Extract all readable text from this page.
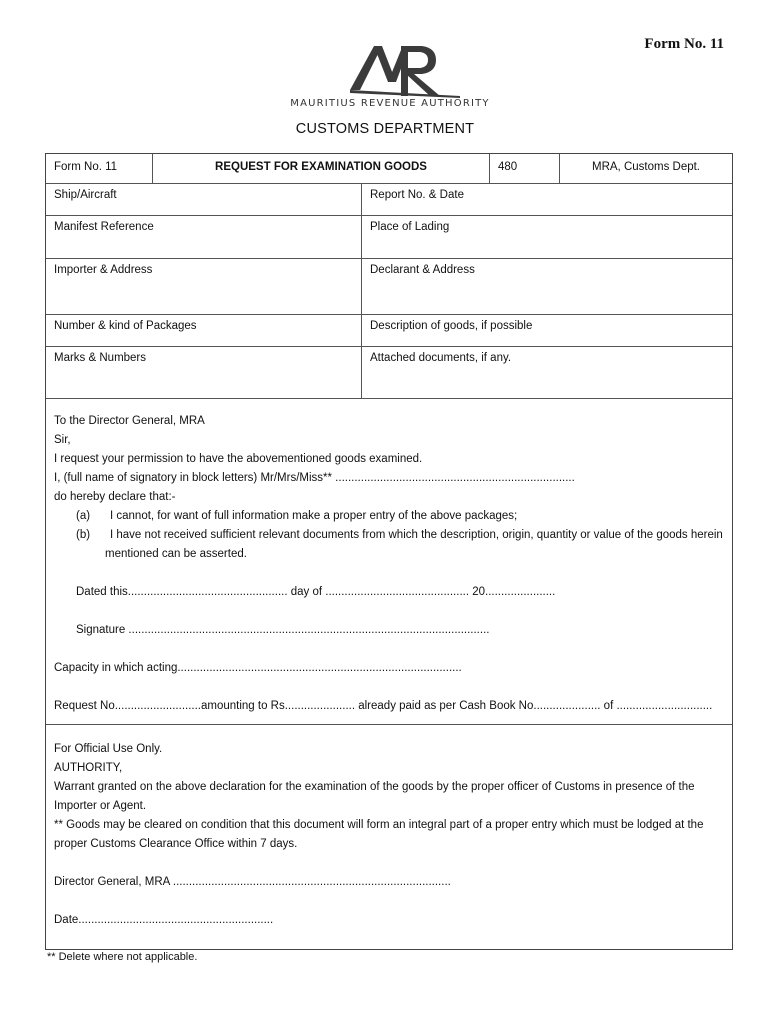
Form No. 11
MAURITIUS REVENUE AUTHORITY
CUSTOMS DEPARTMENT
Form No. 11	REQUEST FOR EXAMINATION GOODS	480	MRA, Customs Dept.
Ship/Aircraft	Report No. & Date
Manifest Reference	Place of Lading
Importer & Address	Declarant & Address
Number & kind of Packages	Description of goods, if possible
Marks & Numbers	Attached documents, if any.
To the Director General, MRA
Sir,
I request your permission to have the abovementioned goods examined.
I, (full name of signatory in block letters) Mr/Mrs/Miss** ...........................................................................
do hereby declare that:-
(a)	I cannot, for want of full information make a proper entry of the above packages;
(b)	I have not received sufficient relevant documents from which the description, origin, quantity or value of the goods herein
mentioned can be asserted.
Dated this.................................................. day of ............................................. 20......................
Signature .................................................................................................................
Capacity in which acting.........................................................................................
Request No...........................amounting to Rs...................... already paid as per Cash Book No..................... of ..............................
For Official Use Only.
AUTHORITY,
Warrant granted on the above declaration for the examination of the goods by the proper officer of Customs in presence of the
Importer or Agent.
** Goods may be cleared on condition that this document will form an integral part of a proper entry which must be lodged at the
proper Customs Clearance Office within 7 days.
Director General, MRA .......................................................................................
Date.............................................................
** Delete where not applicable.
